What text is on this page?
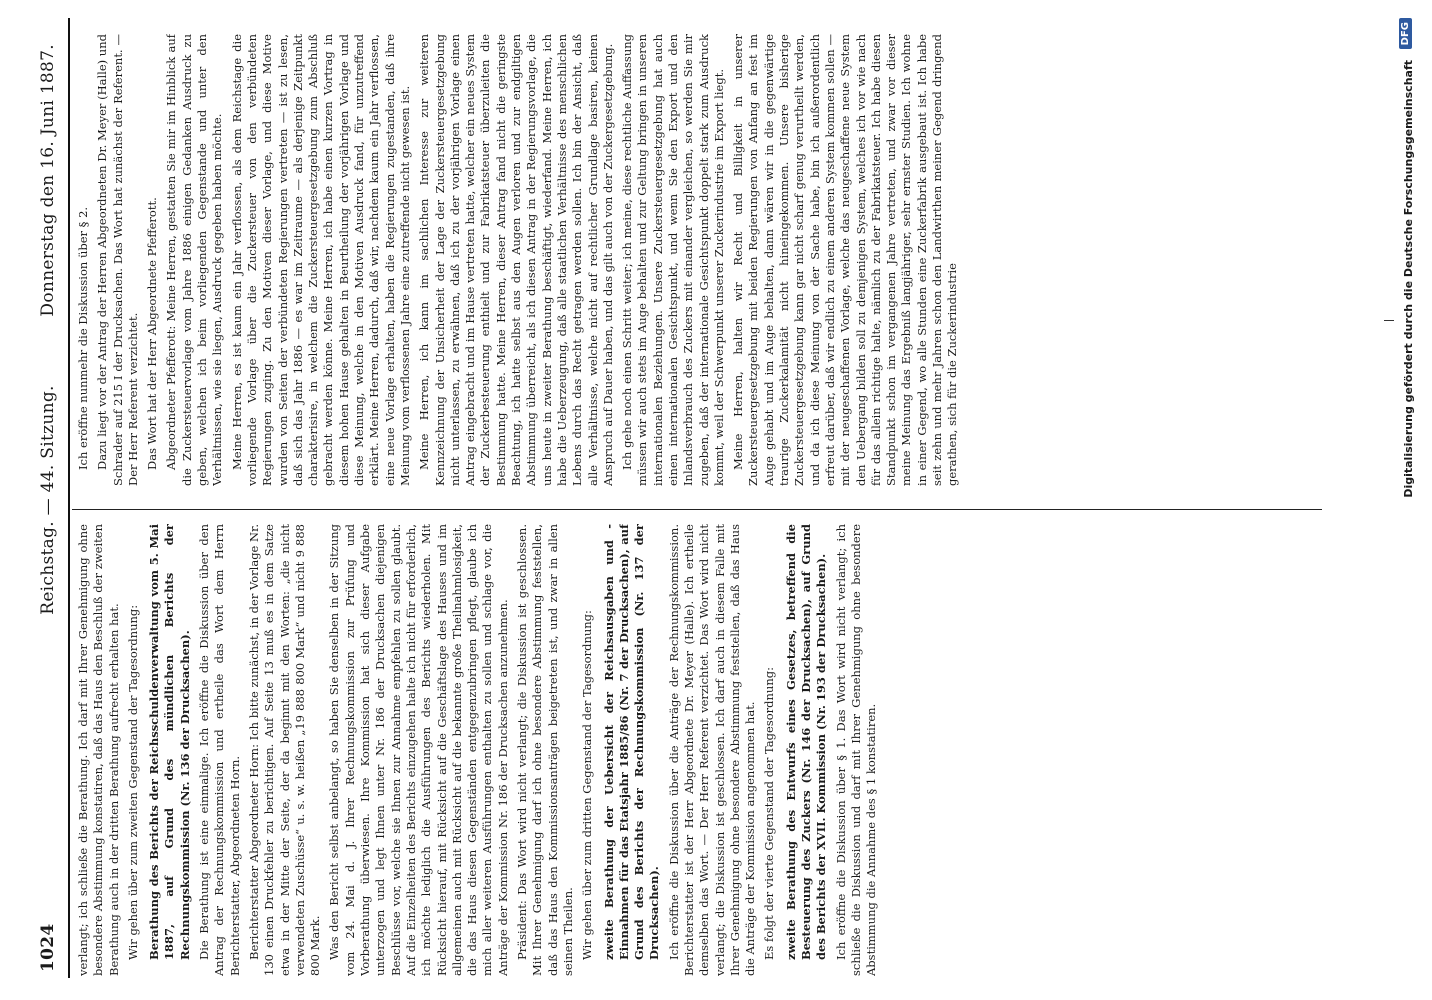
1024
Reichstag. — 44. Sitzung.
Donnerstag den 16. Juni 1887.

verlangt; ich schließe die Berathung. Ich darf mit Ihrer Genehmigung ohne besondere Abstimmung konstatiren, daß das Haus den Beschluß der zweiten Berathung auch in der dritten Berathung aufrecht erhalten hat. Wir gehen über zum zweiten Gegenstand der Tagesordnung: Berathung des Berichts der Reichsschuldenverwaltung vom 5. Mai 1887, auf Grund des mündlichen Berichts der Rechnungskommission (Nr. 136 der Drucksachen). Die Berathung ist eine einmalige. Ich eröffne die Diskussion über den Antrag der Rechnungskommission und ertheile das Wort dem Herrn Berichterstatter, Abgeordneten Horn. Berichterstatter Abgeordneter Horn: Ich bitte zunächst, in der Vorlage Nr. 130 einen Druckfehler zu berichtigen. Auf Seite 13 muß es in dem Satze etwa in der Mitte der Seite, der da beginnt mit den Worten: „die nicht verwendeten Zuschüsse“ u. s. w. heißen „19 888 800 Mark“ und nicht 9 888 800 Mark. Was den Bericht selbst anbelangt, so haben Sie denselben in der Sitzung vom 24. Mai d. J. Ihrer Rechnungskommission zur Prüfung und Vorberathung überwiesen. Ihre Kommission hat sich dieser Aufgabe unterzogen und legt Ihnen unter Nr. 186 der Drucksachen diejenigen Beschlüsse vor, welche sie Ihnen zur Annahme empfehlen zu sollen glaubt. Auf die Einzelheiten des Berichts einzugehen halte ich nicht für erforderlich, ich möchte lediglich die Ausführungen des Berichts wiederholen. Mit Rücksicht hierauf, mit Rücksicht auf die Geschäftslage des Hauses und im allgemeinen auch mit Rücksicht auf die bekannte große Theilnahmlosigkeit, die das Haus diesen Gegenständen entgegenzubringen pflegt, glaube ich mich aller weiteren Ausführungen enthalten zu sollen und schlage vor, die Anträge der Kommission Nr. 186 der Drucksachen anzunehmen. Präsident: Das Wort wird nicht verlangt; die Diskussion ist geschlossen. Mit Ihrer Genehmigung darf ich ohne besondere Abstimmung feststellen, daß das Haus den Kommissionsanträgen beigetreten ist, und zwar in allen seinen Theilen. Wir gehen über zum dritten Gegenstand der Tagesordnung: zweite Berathung der Uebersicht der Reichsausgaben und -Einnahmen für das Etatsjahr 1885/86 (Nr. 7 der Drucksachen), auf Grund des Berichts der Rechnungskommission (Nr. 137 der Drucksachen). Ich eröffne die Diskussion über die Anträge der Rechnungskommission. Berichterstatter ist der Herr Abgeordnete Dr. Meyer (Halle). Ich ertheile demselben das Wort. — Der Herr Referent verzichtet. Das Wort wird nicht verlangt; die Diskussion ist geschlossen. Ich darf auch in diesem Falle mit Ihrer Genehmigung ohne besondere Abstimmung feststellen, daß das Haus die Anträge der Kommission angenommen hat. Es folgt der vierte Gegenstand der Tagesordnung: zweite Berathung des Entwurfs eines Gesetzes, betreffend die Besteuerung des Zuckers (Nr. 146 der Drucksachen), auf Grund des Berichts der XVII. Kommission (Nr. 193 der Drucksachen). Ich eröffne die Diskussion über § 1. Das Wort wird nicht verlangt; ich schließe die Diskussion und darf mit Ihrer Genehmigung ohne besondere Abstimmung die Annahme des § 1 konstatiren.

Ich eröffne nunmehr die Diskussion über § 2. Dazu liegt vor der Antrag der Herren Abgeordneten Dr. Meyer (Halle) und Schrader auf 215 I der Drucksachen. Das Wort hat zunächst der Referent. — Der Herr Referent verzichtet. Das Wort hat der Herr Abgeordnete Pfefferott. Abgeordneter Pfefferott: Meine Herren, gestatten Sie mir im Hinblick auf die Zuckersteuervorlage vom Jahre 1886 einigen Gedanken Ausdruck zu geben, welchen ich beim vorliegenden Gegenstande und unter den Verhältnissen, wie sie liegen, Ausdruck gegeben haben möchte. Meine Herren, es ist kaum ein Jahr verflossen, als dem Reichstage die vorliegende Vorlage über die Zuckersteuer von den verbündeten Regierungen zuging. Zu den Motiven dieser Vorlage, und diese Motive wurden von Seiten der verbündeten Regierungen vertreten — ist zu lesen, daß sich das Jahr 1886 — es war im Zeitraume — als derjenige Zeitpunkt charakterisire, in welchem die Zuckersteuergesetzgebung zum Abschluß gebracht werden könne. Meine Herren, ich habe einen kurzen Vortrag in diesem hohen Hause gehalten in Beurtheilung der vorjährigen Vorlage und diese Meinung, welche in den Motiven Ausdruck fand, für unzutreffend erklärt. Meine Herren, dadurch, daß wir, nachdem kaum ein Jahr verflossen, eine neue Vorlage erhalten, haben die Regierungen zugestanden, daß ihre Meinung vom verflossenen Jahre eine zutreffende nicht gewesen ist. Meine Herren, ich kann im sachlichen Interesse zur weiteren Kennzeichnung der Unsicherheit der Lage der Zuckersteuergesetzgebung nicht unterlassen, zu erwähnen, daß ich zu der vorjährigen Vorlage einen Antrag eingebracht und im Hause vertreten hatte, welcher ein neues System der Zuckerbesteuerung enthielt und zur Fabrikatsteuer überzuleiten die Bestimmung hatte. Meine Herren, dieser Antrag fand nicht die geringste Beachtung, ich hatte selbst aus den Augen verloren und zur endgiltigen Abstimmung überreicht, als ich diesen Antrag in der Regierungsvorlage, die uns heute in zweiter Berathung beschäftigt, wiederfand. Meine Herren, ich habe die Ueberzeugung, daß alle staatlichen Verhältnisse des menschlichen Lebens durch das Recht getragen werden sollen. Ich bin der Ansicht, daß alle Verhältnisse, welche nicht auf rechtlicher Grundlage basiren, keinen Anspruch auf Dauer haben, und das gilt auch von der Zuckergesetzgebung. Ich gehe noch einen Schritt weiter; ich meine, diese rechtliche Auffassung müssen wir auch stets im Auge behalten und zur Geltung bringen in unseren internationalen Beziehungen. Unsere Zuckersteuergesetzgebung hat auch einen internationalen Gesichtspunkt, und wenn Sie den Export und den Inlandsverbrauch des Zuckers mit einander vergleichen, so werden Sie mir zugeben, daß der internationale Gesichtspunkt doppelt stark zum Ausdruck kommt, weil der Schwerpunkt unserer Zuckerindustrie im Export liegt. Meine Herren, halten wir Recht und Billigkeit in unserer Zuckersteuergesetzgebung mit beiden Regierungen von Anfang an fest im Auge gehabt und im Auge behalten, dann wären wir in die gegenwärtige traurige Zuckerkalamität nicht hineingekommen. Unsere bisherige Zuckersteuergesetzgebung kann gar nicht scharf genug verurtheilt werden, und da ich diese Meinung von der Sache habe, bin ich außerordentlich erfreut darüber, daß wir endlich zu einem anderen System kommen sollen — mit der neugeschaffenen Vorlage, welche das neugeschaffene neue System den Uebergang bilden soll zu demjenigen System, welches ich vor wie nach für das allein richtige halte, nämlich zu der Fabrikatsteuer. Ich habe diesen Standpunkt schon im vergangenen Jahre vertreten, und zwar vor dieser meine Meinung das Ergebniß langjähriger, sehr ernster Studien. Ich wohne in einer Gegend, wo alle Stunden eine Zuckerfabrik ausgebaut ist. Ich habe seit zehn und mehr Jahren schon den Landwirthen meiner Gegend dringend gerathen, sich für die Zuckerindustrie	Digitalisierung gefördert durch die Deutsche Forschungsgemeinschaft
DFG
